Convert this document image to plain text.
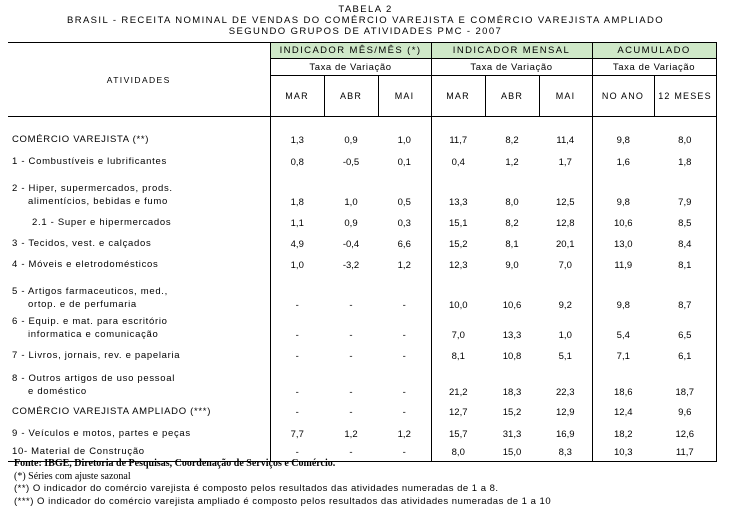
TABELA 2
BRASIL - RECEITA NOMINAL DE VENDAS DO COMÉRCIO VAREJISTA E COMÉRCIO VAREJISTA AMPLIADO
SEGUNDO GRUPOS DE ATIVIDADES PMC - 2007
ATIVIDADES	INDICADOR MÊS/MÊS (*)			INDICADOR MENSAL			ACUMULADO	
	Taxa de Variação			Taxa de Variação			Taxa de Variação	
	MAR	ABR	MAI	MAR	ABR	MAI	NO ANO	12 MESES

COMÉRCIO VAREJISTA (**)	1,3	0,9	1,0	11,7	8,2	11,4	9,8	8,0

1 - Combustíveis e lubrificantes	0,8	-0,5	0,1	0,4	1,2	1,7	1,6	1,8

2 - Hiper, supermercados, prods.
alimentícios, bebidas e fumo	1,8	1,0	0,5	13,3	8,0	12,5	9,8	7,9

2.1 - Super e hipermercados	1,1	0,9	0,3	15,1	8,2	12,8	10,6	8,5

3 - Tecidos, vest. e calçados	4,9	-0,4	6,6	15,2	8,1	20,1	13,0	8,4

4 - Móveis e eletrodomésticos	1,0	-3,2	1,2	12,3	9,0	7,0	11,9	8,1

5 - Artigos farmaceuticos, med.,
ortop. e de perfumaria	-	-	-	10,0	10,6	9,2	9,8	8,7

6 - Equip. e mat. para escritório
informatica e comunicação	-	-	-	7,0	13,3	1,0	5,4	6,5

7 - Livros, jornais, rev. e papelaria	-	-	-	8,1	10,8	5,1	7,1	6,1

8 - Outros artigos de uso pessoal
e doméstico	-	-	-	21,2	18,3	22,3	18,6	18,7

COMÉRCIO VAREJISTA AMPLIADO (***)	-	-	-	12,7	15,2	12,9	12,4	9,6

9 - Veículos e motos, partes e peças	7,7	1,2	1,2	15,7	31,3	16,9	18,2	12,6

10- Material de Construção	-	-	-	8,0	15,0	8,3	10,3	11,7
Fonte: IBGE, Diretoria de Pesquisas, Coordenação de Serviços e Comércio.
(*) Séries com ajuste sazonal
(**) O indicador do comércio varejista é composto pelos resultados das atividades numeradas de 1 a 8.
(***) O indicador do comércio varejista ampliado é composto pelos resultados das atividades numeradas de 1 a 10
